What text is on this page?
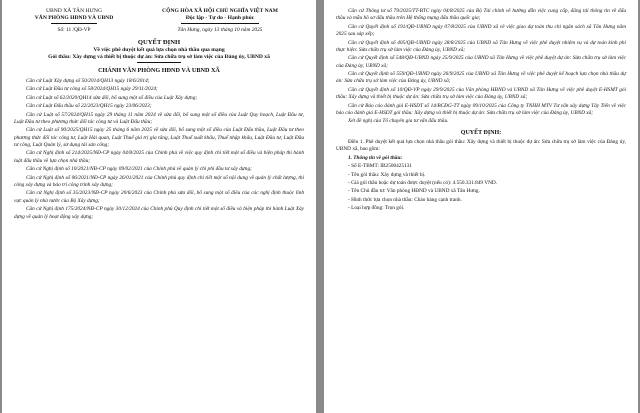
UBND XÃ TÂN HƯNG
VĂN PHÒNG HĐND VÀ UBND
CỘNG HÒA XÃ HỘI CHỦ NGHĨA VIỆT NAM
Độc lập - Tự do - Hạnh phúc
Số: 11 /QĐ-VP	Tân Hưng, ngày 13 tháng 10 năm 2025
QUYẾT ĐỊNH
Về việc phê duyệt kết quả lựa chọn nhà thầu qua mạng
Gói thầu: Xây dựng và thiết bị thuộc dự án: Sửa chữa trụ sở làm việc của Đảng ủy, UBND xã
CHÁNH VĂN PHÒNG HĐND VÀ UBND XÃ

Căn cứ Luật Xây dựng số 50/2014/QH13 ngày 18/6/2014;

Căn cứ Luật Đầu tư công số 58/2024/QH15 ngày 29/11/2024;

Căn cứ Luật số 62/2020/QH14 sửa đổi, bổ sung một số điều của Luật Xây dựng;

Căn cứ Luật Đấu thầu số 22/2023/QH15 ngày 23/06/2023;

Căn cứ Luật số 57/2024/QH15 ngày 29 tháng 11 năm 2024 về sửa đổi, bổ sung một số điều của Luật Quy hoạch, Luật Đầu tư, Luật Đầu tư theo phương thức đối tác công tư và Luật Đấu thầu;

Căn cứ Luật số 90/2025/QH15 ngày 25 tháng 6 năm 2025 về sửa đổi, bổ sung một số điều của Luật Đấu thầu, Luật Đầu tư theo phương thức đối tác công tư, Luật Hải quan, Luật Thuế giá trị gia tăng, Luật Thuế xuất khẩu, Thuế nhập khẩu, Luật Đầu tư, Luật Đầu tư công, Luật Quản lý, sử dụng tài sản công;

Căn cứ Nghị định số 214/2025/NĐ-CP ngày 04/8/2025 của Chính phủ về việc quy định chi tiết một số điều và biện pháp thi hành luật đấu thầu về lựa chọn nhà thầu;

Căn cứ Nghị định số 10/2021/NĐ-CP ngày 09/02/2021 của Chính phủ về quản lý chi phí đầu tư xây dựng;

Căn cứ Nghị định số 06/2021/NĐ-CP ngày 26/01/2021 của Chính phủ quy định chi tiết một số nội dung về quản lý chất lượng, thi công xây dựng và bảo trì công trình xây dựng;

Căn cứ Nghị định số 35/2023/NĐ-CP ngày 20/6/2023 của Chính phủ sửa đổi, bổ sung một số điều của các nghị định thuộc lĩnh vực quản lý nhà nước của Bộ Xây dựng;

Căn cứ Nghị định 175/2024/NĐ-CP ngày 30/12/2024 của Chính phủ Quy định chi tiết một số điều và biện pháp thi hành Luật Xây dựng về quản lý hoạt động xây dựng;

Căn cứ Thông tư số 79/2025/TT-BTC ngày 04/8/2025 của Bộ Tài chính về hướng dẫn việc cung cấp, đăng tải thông tin về đấu thầu và mẫu hồ sơ đấu thầu trên Hệ thống mạng đấu thầu quốc gia;

Căn cứ Quyết định số 191/QĐ-UBND ngày 07/8/2025 của UBND xã về việc giao dự toán thu chi ngân sách xã Tân Hưng năm 2025 sau sáp xếp;

Căn cứ Quyết định số 405/QĐ-UBND ngày 28/8/2025 của UBND xã Tân Hưng về việc phê duyệt nhiệm vụ và dự toán kinh phí thực hiện: Sửa chữa trụ sở làm việc của Đảng ủy, UBND xã;

Căn cứ Quyết định số 548/QĐ-UBND ngày 25/9/2025 của UBND xã Tân Hưng về việc phê duyệt dự án: Sửa chữa trụ sở làm việc của Đảng ủy, UBND xã;

Căn cứ Quyết định số 559/QĐ-UBND ngày 26/9/2025 của UBND xã Tân Hưng về việc phê duyệt kế hoạch lựa chọn nhà thầu dự án: Sửa chữa trụ sở làm việc của Đảng ủy, UBND xã;

Căn cứ Quyết định số 10/QĐ-VP ngày 29/9/2025 của Văn phòng HĐND và UBND xã Tân Hưng về việc phê duyệt E-HSMT gói thầu: Xây dựng và thiết bị thuộc dự án: Sửa chữa trụ sở làm việc của Đảng ủy, UBND xã;

Căn cứ Báo cáo đánh giá E-HSDT số 14/BCĐG-TT ngày 09/10/2025 của Công ty TNHH MTV Tư vấn xây dựng Tây Tiến về việc báo cáo đánh giá E-HSDT gói thầu: Xây dựng và thiết bị thuộc dự án: Sửa chữa trụ sở làm việc của Đảng ủy, UBND xã;

Xét đề nghị của Tổ chuyên gia tư vấn đấu thầu.

QUYẾT ĐỊNH:

Điều 1. Phê duyệt kết quả lựa chọn nhà thầu gói thầu: Xây dựng và thiết bị thuộc dự án: Sửa chữa trụ sở làm việc của Đảng ủy, UBND xã, bao gồm:

1. Thông tin về gói thầu:

- Số E-TBMT: IB2500425131

- Tên gói thầu: Xây dựng và thiết bị.

- Giá gói thầu hoặc dự toán được duyệt (nếu có): 4.550.331.849 VND.

- Tên Chủ đầu tư: Văn phòng HĐND và UBND xã Tân Hưng.

- Hình thức lựa chọn nhà thầu: Chào hàng cạnh tranh.

- Loại hợp đồng: Trọn gói.
